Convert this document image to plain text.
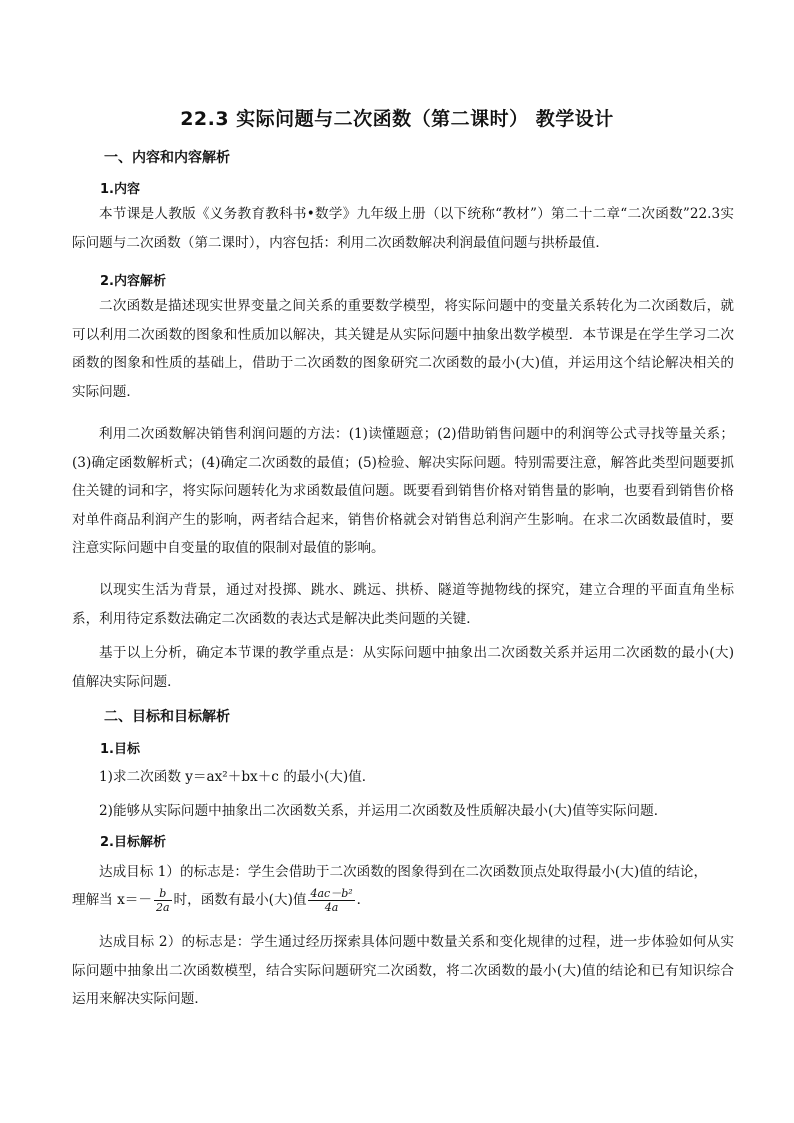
22.3 实际问题与二次函数（第二课时） 教学设计
一、内容和内容解析
1.内容
本节课是人教版《义务教育教科书•数学》九年级上册（以下统称“教材”）第二十二章“二次函数”22.3实际问题与二次函数（第二课时），内容包括：利用二次函数解决利润最值问题与拱桥最值．
2.内容解析
二次函数是描述现实世界变量之间关系的重要数学模型，将实际问题中的变量关系转化为二次函数后，就可以利用二次函数的图象和性质加以解决，其关键是从实际问题中抽象出数学模型．本节课是在学生学习二次函数的图象和性质的基础上，借助于二次函数的图象研究二次函数的最小(大)值，并运用这个结论解决相关的实际问题．
利用二次函数解决销售利润问题的方法：(1)读懂题意；(2)借助销售问题中的利润等公式寻找等量关系；(3)确定函数解析式；(4)确定二次函数的最值；(5)检验、解决实际问题。特别需要注意，解答此类型问题要抓住关键的词和字，将实际问题转化为求函数最值问题。既要看到销售价格对销售量的影响，也要看到销售价格对单件商品利润产生的影响，两者结合起来，销售价格就会对销售总利润产生影响。在求二次函数最值时，要注意实际问题中自变量的取值的限制对最值的影响。
以现实生活为背景，通过对投掷、跳水、跳远、拱桥、隧道等抛物线的探究，建立合理的平面直角坐标系，利用待定系数法确定二次函数的表达式是解决此类问题的关键．
基于以上分析，确定本节课的教学重点是：从实际问题中抽象出二次函数关系并运用二次函数的最小(大)值解决实际问题．
二、目标和目标解析
1.目标
1)求二次函数 y＝ax²＋bx＋c 的最小(大)值．
2)能够从实际问题中抽象出二次函数关系，并运用二次函数及性质解决最小(大)值等实际问题．
2.目标解析
达成目标 1）的标志是：学生会借助于二次函数的图象得到在二次函数顶点处取得最小(大)值的结论，
理解当 $x=- \frac{b}{2a}$ 时，函数有最小(大)值 $\frac{\text{4ac－b²}}{4a}$ ．
达成目标 2）的标志是：学生通过经历探索具体问题中数量关系和变化规律的过程，进一步体验如何从实际问题中抽象出二次函数模型，结合实际问题研究二次函数，将二次函数的最小(大)值的结论和已有知识综合运用来解决实际问题．
